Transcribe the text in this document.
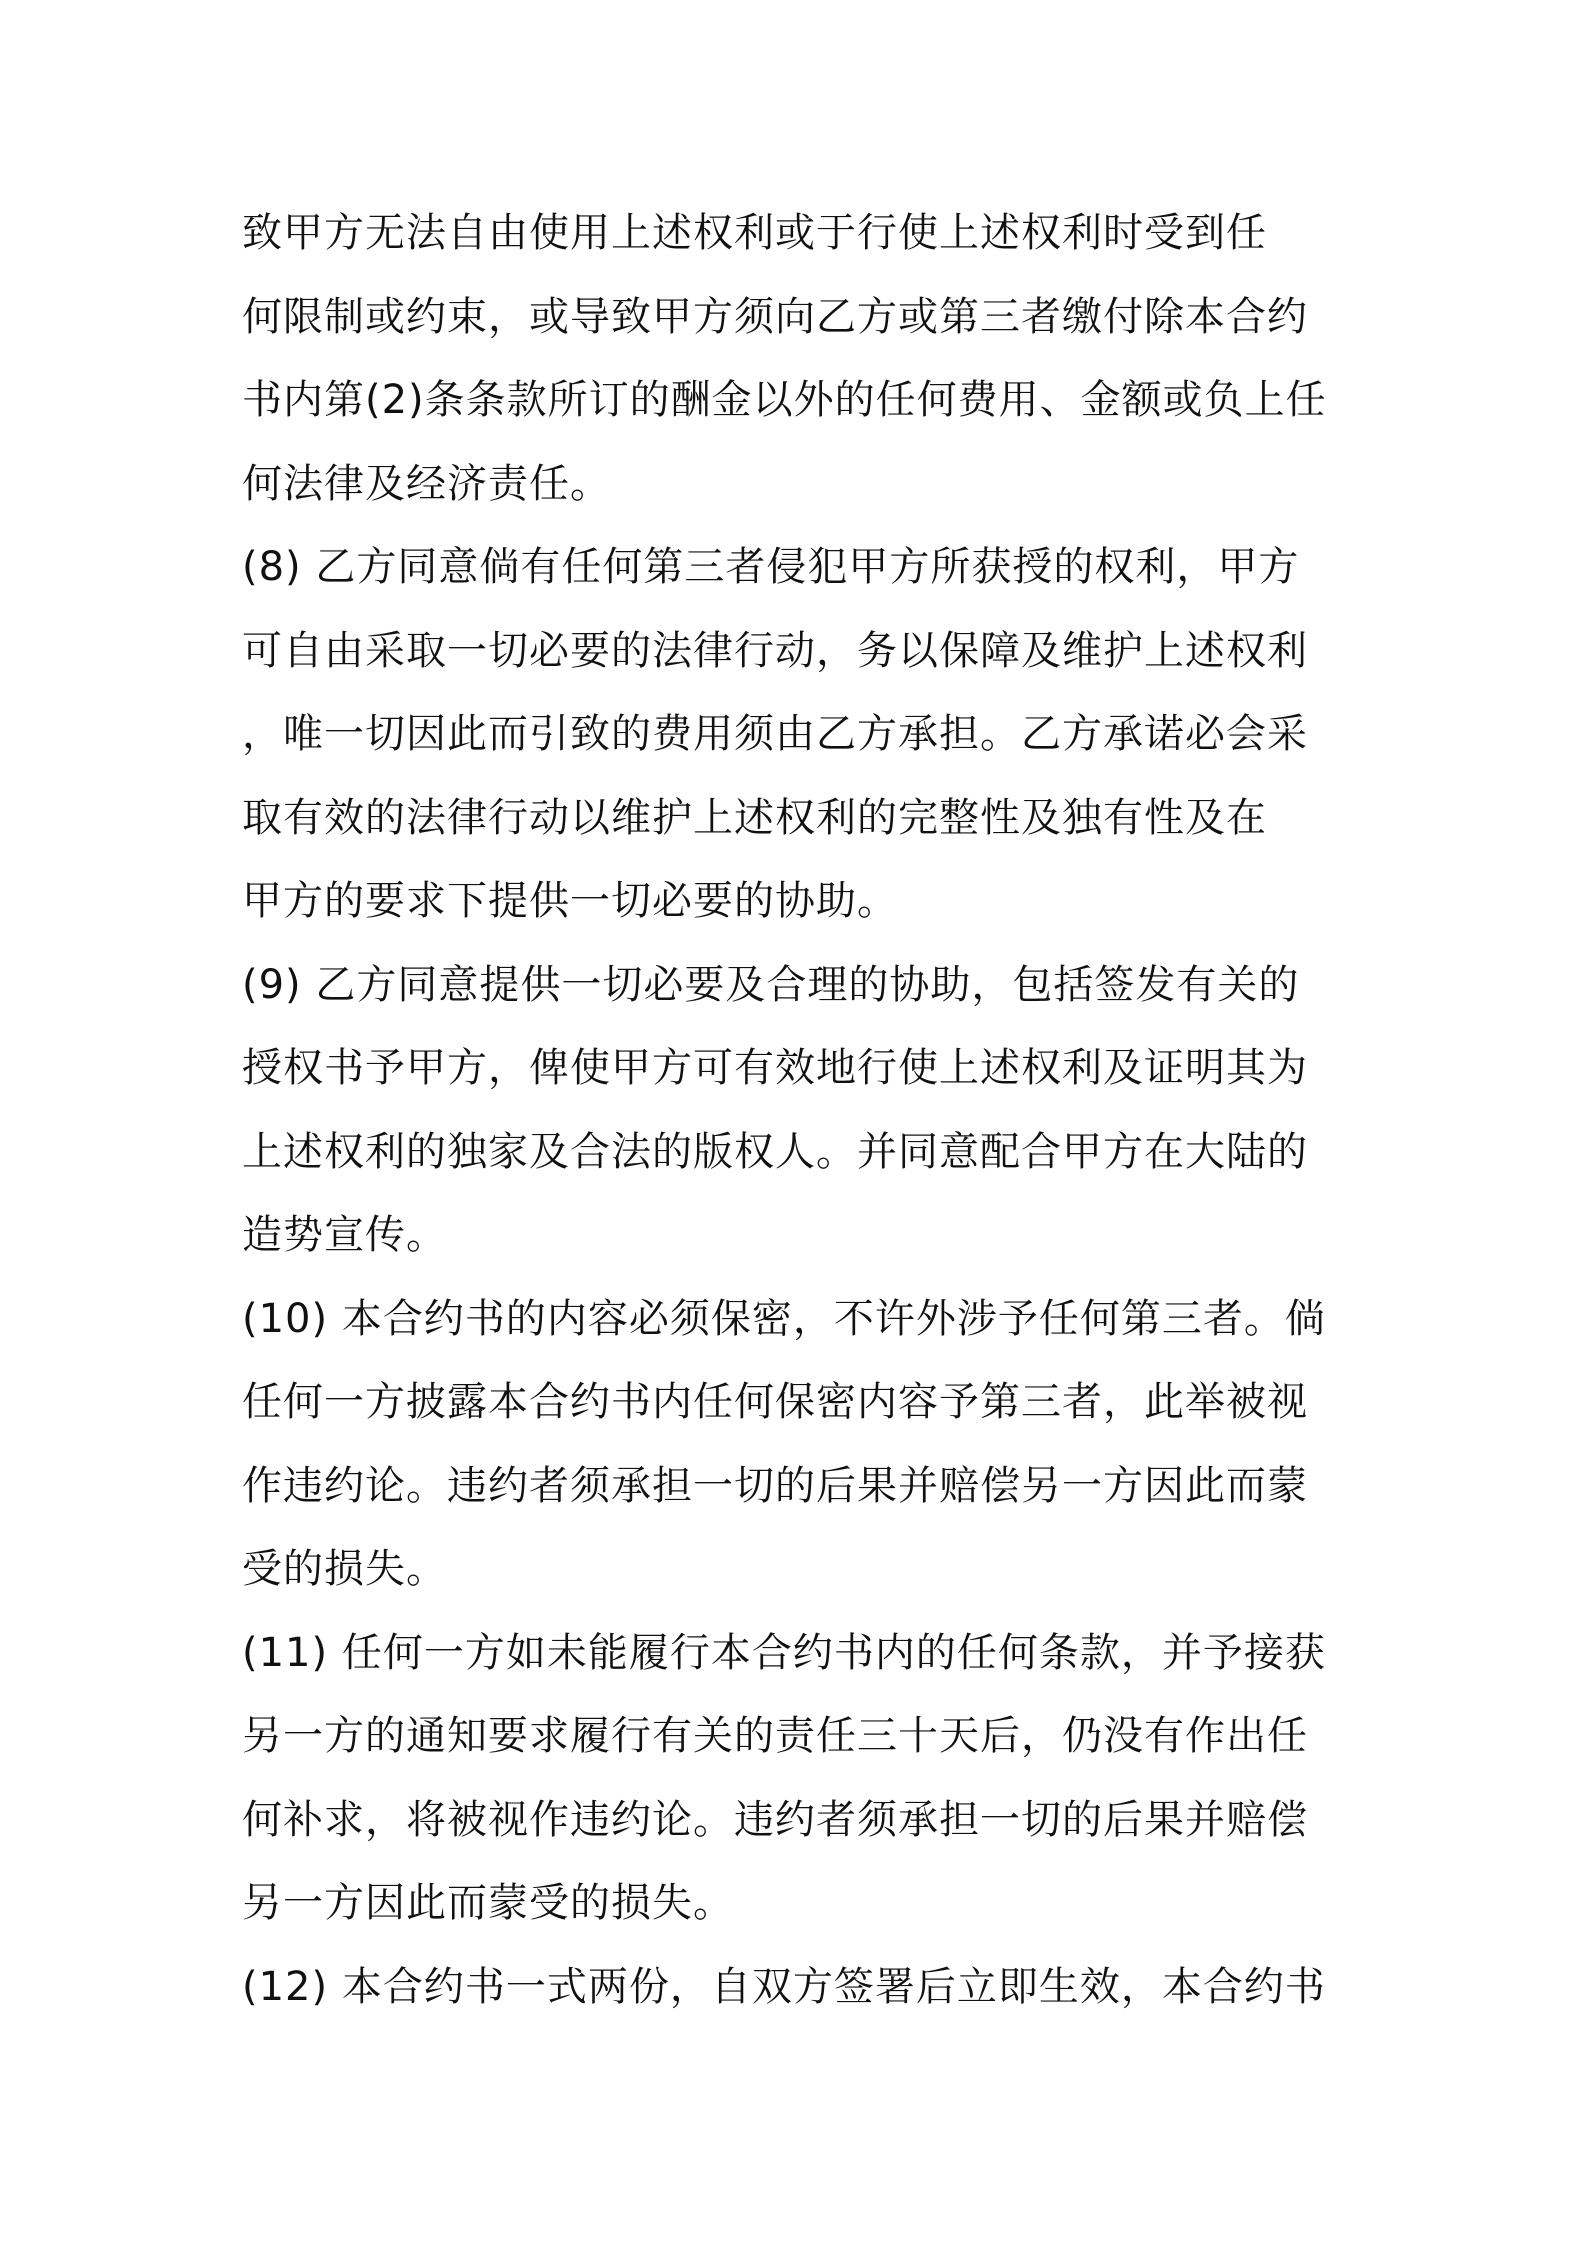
致甲方无法自由使用上述权利或于行使上述权利时受到任
何限制或约束，或导致甲方须向乙方或第三者缴付除本合约
书内第(2)条条款所订的酬金以外的任何费用、金额或负上任
何法律及经济责任。
(8) 乙方同意倘有任何第三者侵犯甲方所获授的权利，甲方
可自由采取一切必要的法律行动，务以保障及维护上述权利
，唯一切因此而引致的费用须由乙方承担。乙方承诺必会采
取有效的法律行动以维护上述权利的完整性及独有性及在
甲方的要求下提供一切必要的协助。
(9) 乙方同意提供一切必要及合理的协助，包括签发有关的
授权书予甲方，俾使甲方可有效地行使上述权利及证明其为
上述权利的独家及合法的版权人。并同意配合甲方在大陆的
造势宣传。
(10) 本合约书的内容必须保密，不许外涉予任何第三者。倘
任何一方披露本合约书内任何保密内容予第三者，此举被视
作违约论。违约者须承担一切的后果并赔偿另一方因此而蒙
受的损失。
(11) 任何一方如未能履行本合约书内的任何条款，并予接获
另一方的通知要求履行有关的责任三十天后，仍没有作出任
何补求，将被视作违约论。违约者须承担一切的后果并赔偿
另一方因此而蒙受的损失。
(12) 本合约书一式两份，自双方签署后立即生效，本合约书
